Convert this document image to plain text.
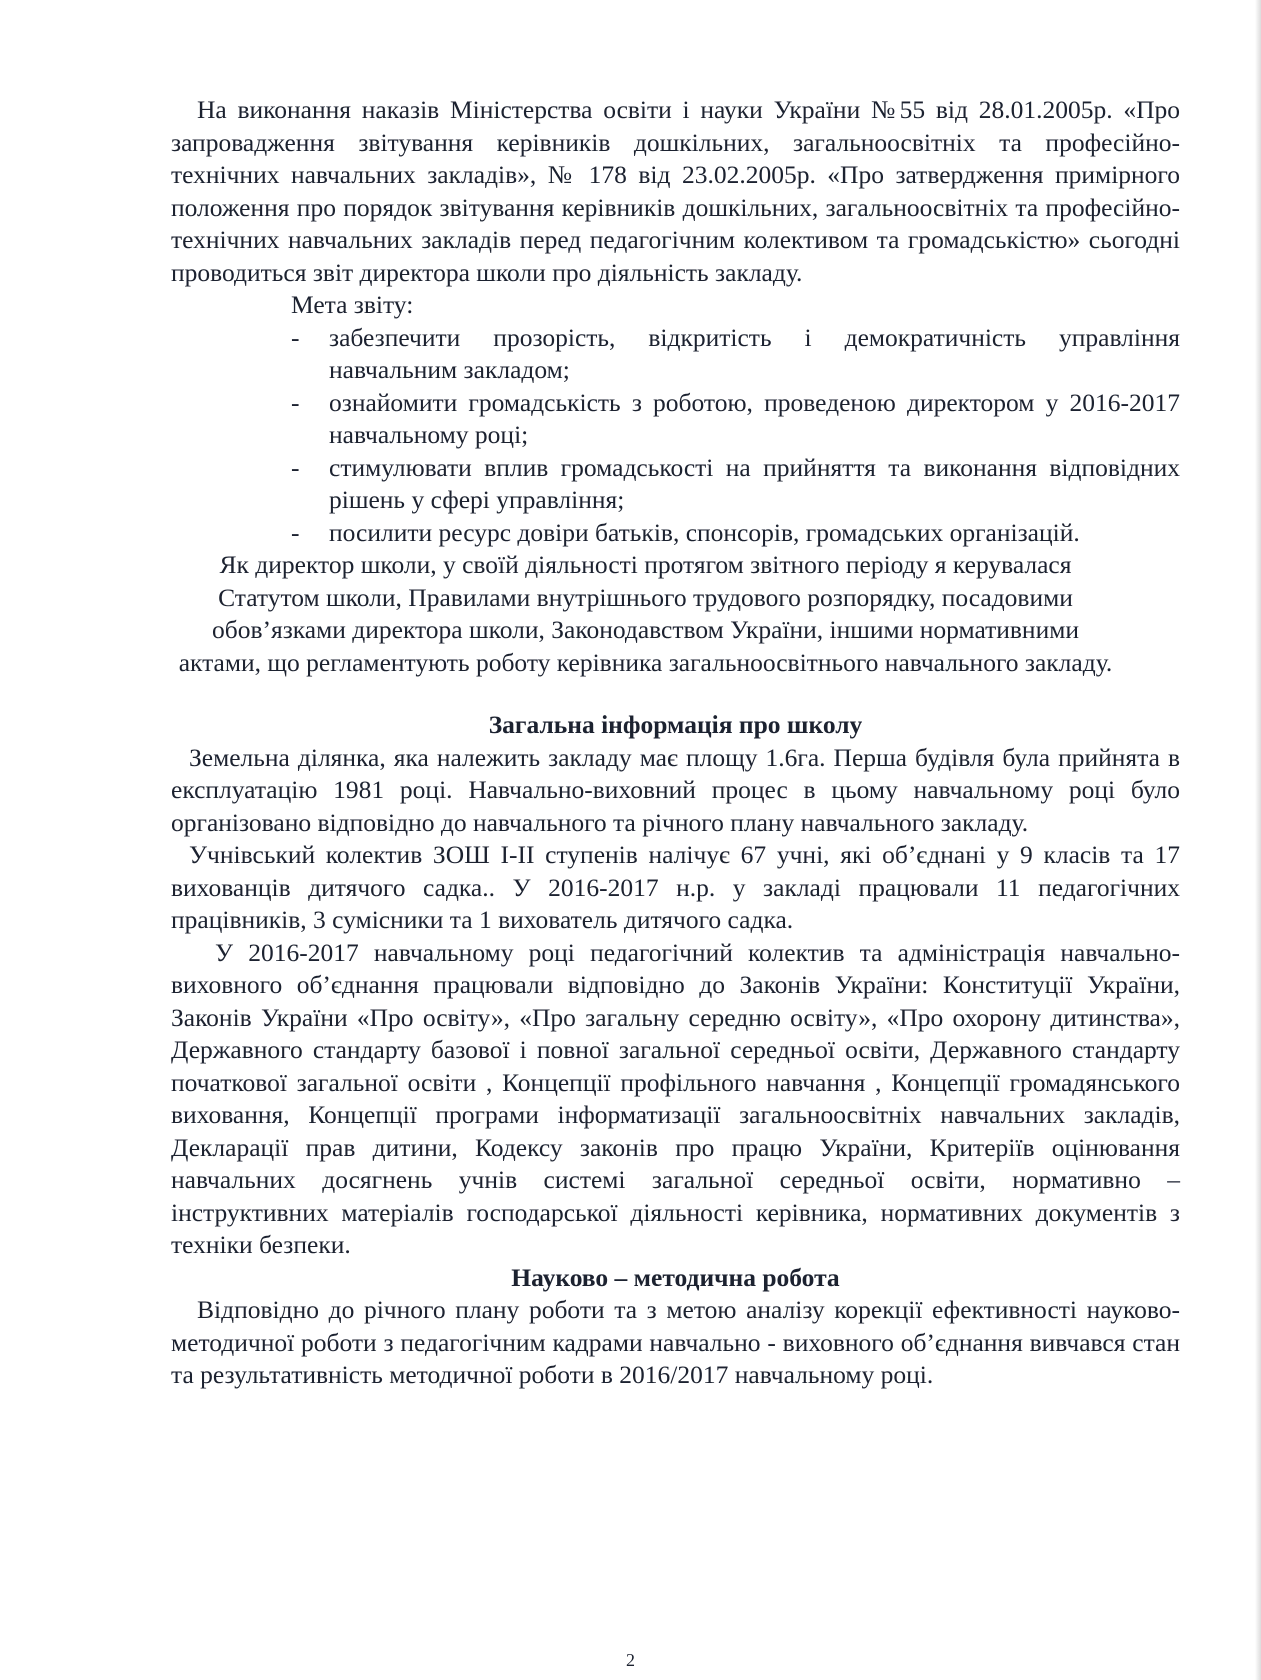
На виконання наказів Міністерства освіти і науки України №55 від 28.01.2005р. «Про запровадження звітування керівників дошкільних, загальноосвітніх та професійно-технічних навчальних закладів», № 178 від 23.02.2005р. «Про затвердження примірного положення про порядок звітування керівників дошкільних, загальноосвітніх та професійно-технічних навчальних закладів перед педагогічним колективом та громадськістю» сьогодні проводиться звіт директора школи про діяльність закладу.

Мета звіту:

- забезпечити прозорість, відкритість і демократичність управління навчальним закладом;
- ознайомити громадськість з роботою, проведеною директором у 2016-2017 навчальному році;
- стимулювати вплив громадськості на прийняття та виконання відповідних рішень у сфері управління;
- посилити ресурс довіри батьків, спонсорів, громадських організацій.

Як директор школи, у своїй діяльності протягом звітного періоду я керувалася Статутом школи, Правилами внутрішнього трудового розпорядку, посадовими обов’язками директора школи, Законодавством України, іншими нормативними актами, що регламентують роботу керівника загальноосвітнього навчального закладу.

Загальна інформація про школу

Земельна ділянка, яка належить закладу має площу 1.6га. Перша будівля була прийнята в експлуатацію 1981 році. Навчально-виховний процес в цьому навчальному році було організовано відповідно до навчального та річного плану навчального закладу.

Учнівський колектив ЗОШ І-ІІ ступенів налічує 67 учні, які об’єднані у 9 класів та 17 вихованців дитячого садка.. У 2016-2017 н.р. у закладі працювали 11 педагогічних працівників, 3 сумісники та 1 вихователь дитячого садка.

У 2016-2017 навчальному році педагогічний колектив та адміністрація навчально-виховного об’єднання працювали відповідно до Законів України: Конституції України, Законів України «Про освіту», «Про загальну середню освіту», «Про охорону дитинства», Державного стандарту базової і повної загальної середньої освіти, Державного стандарту початкової загальної освіти , Концепції профільного навчання , Концепції громадянського виховання, Концепції програми інформатизації загальноосвітніх навчальних закладів, Декларації прав дитини, Кодексу законів про працю України, Критеріїв оцінювання навчальних досягнень учнів системі загальної середньої освіти, нормативно – інструктивних матеріалів господарської діяльності керівника, нормативних документів з техніки безпеки.

Науково – методична робота

Відповідно до річного плану роботи та з метою аналізу корекції ефективності науково-методичної роботи з педагогічним кадрами навчально - виховного об’єднання вивчався стан та результативність методичної роботи в 2016/2017 навчальному році.

2
